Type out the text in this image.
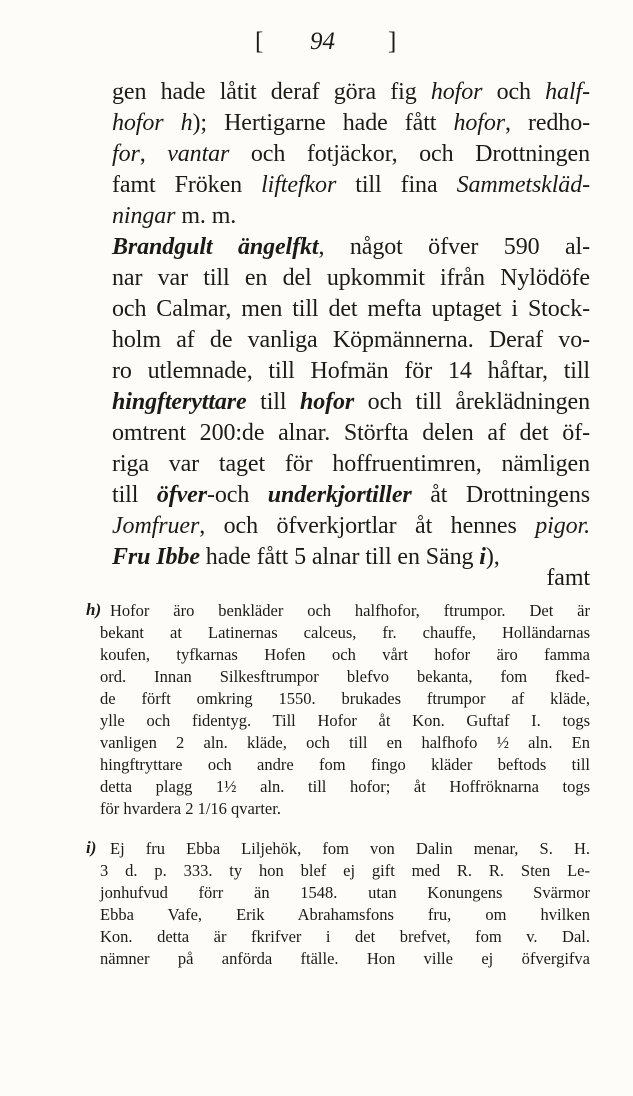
[ 94 ]
gen hade låtit deraf göra fig hofor och half-
hofor h); Hertigarne hade fått hofor, redho-
for, vantar och fotjäckor, och Drottningen
famt Fröken liftefkor till fina Sammetskläd-
ningar m. m.
Brandgult ängelfkt, något öfver 590 al-
nar var till en del upkommit ifrån Nylödöfe
och Calmar, men till det mefta uptaget i Stock-
holm af de vanliga Köpmännerna. Deraf vo-
ro utlemnade, till Hofmän för 14 håftar, till
hingfteryttare till hofor och till åreklädningen
omtrent 200:de alnar. Störfta delen af det öf-
riga var taget för hoffruentimren, nämligen
till öfver-och underkjortiller åt Drottningens
Jomfruer, och öfverkjortlar åt hennes pigor.
Fru Ibbe hade fått 5 alnar till en Säng i),
famt
h) Hofor äro benkläder och halfhofor, ftrumpor. Det är
bekant at Latinernas calceus, fr. chauffe, Holländarnas
koufen, tyfkarnas Hofen och vårt hofor äro famma
ord. Innan Silkesftrumpor blefvo bekanta, fom fked-
de förft omkring 1550. brukades ftrumpor af kläde,
ylle och fidentyg. Till Hofor åt Kon. Guftaf I. togs
vanligen 2 aln. kläde, och till en halfhofo ½ aln. En
hingftryttare och andre fom fingo kläder beftods till
detta plagg 1½ aln. till hofor; åt Hoffröknarna togs
för hvardera 2 1/16 qvarter.
i) Ej fru Ebba Liljehök, fom von Dalin menar, S. H.
3 d. p. 333. ty hon blef ej gift med R. R. Sten Le-
jonhufvud förr än 1548. utan Konungens Svärmor
Ebba Vafe, Erik Abrahamsfons fru, om hvilken
Kon. detta är fkrifver i det brefvet, fom v. Dal.
nämner på anförda ftälle. Hon ville ej öfvergifva
